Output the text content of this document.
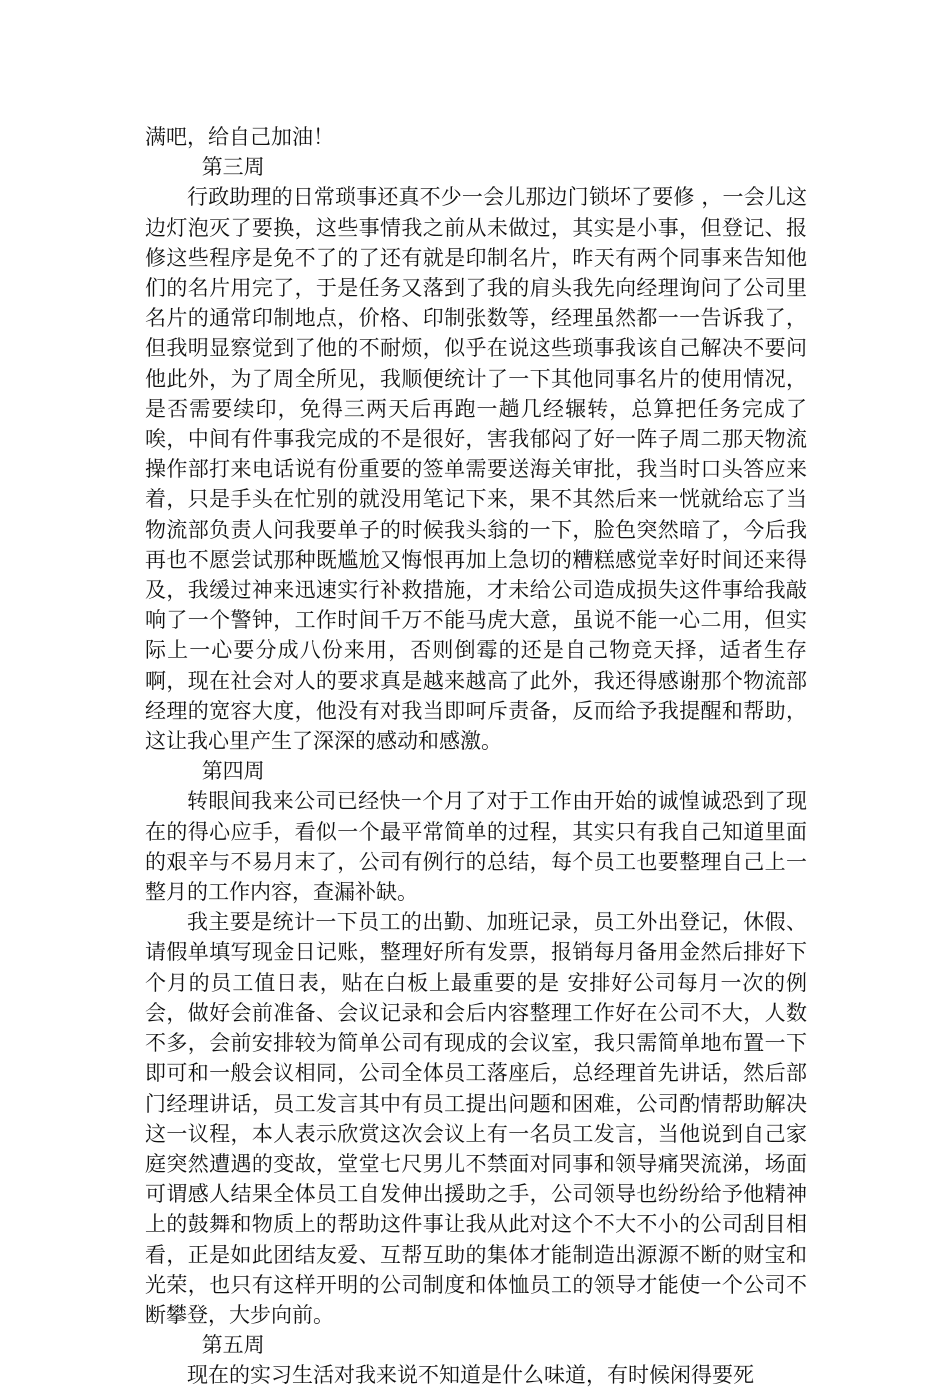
满吧，给自己加油！

第三周

行政助理的日常琐事还真不少一会儿那边门锁坏了要修 ，一会儿这边灯泡灭了要换，这些事情我之前从未做过，其实是小事，但登记、报修这些程序是免不了的了还有就是印制名片，昨天有两个同事来告知他们的名片用完了，于是任务又落到了我的肩头我先向经理询问了公司里名片的通常印制地点，价格、印制张数等，经理虽然都一一告诉我了，但我明显察觉到了他的不耐烦，似乎在说这些琐事我该自己解决不要问他此外，为了周全所见，我顺便统计了一下其他同事名片的使用情况，是否需要续印，免得三两天后再跑一趟几经辗转，总算把任务完成了唉，中间有件事我完成的不是很好，害我郁闷了好一阵子周二那天物流操作部打来电话说有份重要的签单需要送海关审批，我当时口头答应来着，只是手头在忙别的就没用笔记下来，果不其然后来一恍就给忘了当物流部负责人问我要单子的时候我头翁的一下，脸色突然暗了，今后我再也不愿尝试那种既尴尬又悔恨再加上急切的糟糕感觉幸好时间还来得及，我缓过神来迅速实行补救措施，才未给公司造成损失这件事给我敲响了一个警钟，工作时间千万不能马虎大意，虽说不能一心二用，但实际上一心要分成八份来用，否则倒霉的还是自己物竞天择，适者生存啊，现在社会对人的要求真是越来越高了此外，我还得感谢那个物流部经理的宽容大度，他没有对我当即呵斥责备，反而给予我提醒和帮助，这让我心里产生了深深的感动和感激。

第四周

转眼间我来公司已经快一个月了对于工作由开始的诚惶诚恐到了现在的得心应手，看似一个最平常简单的过程，其实只有我自己知道里面的艰辛与不易月末了，公司有例行的总结，每个员工也要整理自己上一整月的工作内容，查漏补缺。

我主要是统计一下员工的出勤、加班记录，员工外出登记，休假、请假单填写现金日记账，整理好所有发票，报销每月备用金然后排好下个月的员工值日表，贴在白板上最重要的是 安排好公司每月一次的例会，做好会前准备、会议记录和会后内容整理工作好在公司不大，人数不多，会前安排较为简单公司有现成的会议室，我只需简单地布置一下即可和一般会议相同，公司全体员工落座后，总经理首先讲话，然后部门经理讲话，员工发言其中有员工提出问题和困难，公司酌情帮助解决这一议程，本人表示欣赏这次会议上有一名员工发言，当他说到自己家庭突然遭遇的变故，堂堂七尺男儿不禁面对同事和领导痛哭流涕，场面可谓感人结果全体员工自发伸出援助之手，公司领导也纷纷给予他精神上的鼓舞和物质上的帮助这件事让我从此对这个不大不小的公司刮目相看，正是如此团结友爱、互帮互助的集体才能制造出源源不断的财宝和光荣，也只有这样开明的公司制度和体恤员工的领导才能使一个公司不断攀登，大步向前。

第五周

现在的实习生活对我来说不知道是什么味道，有时候闲得要死
